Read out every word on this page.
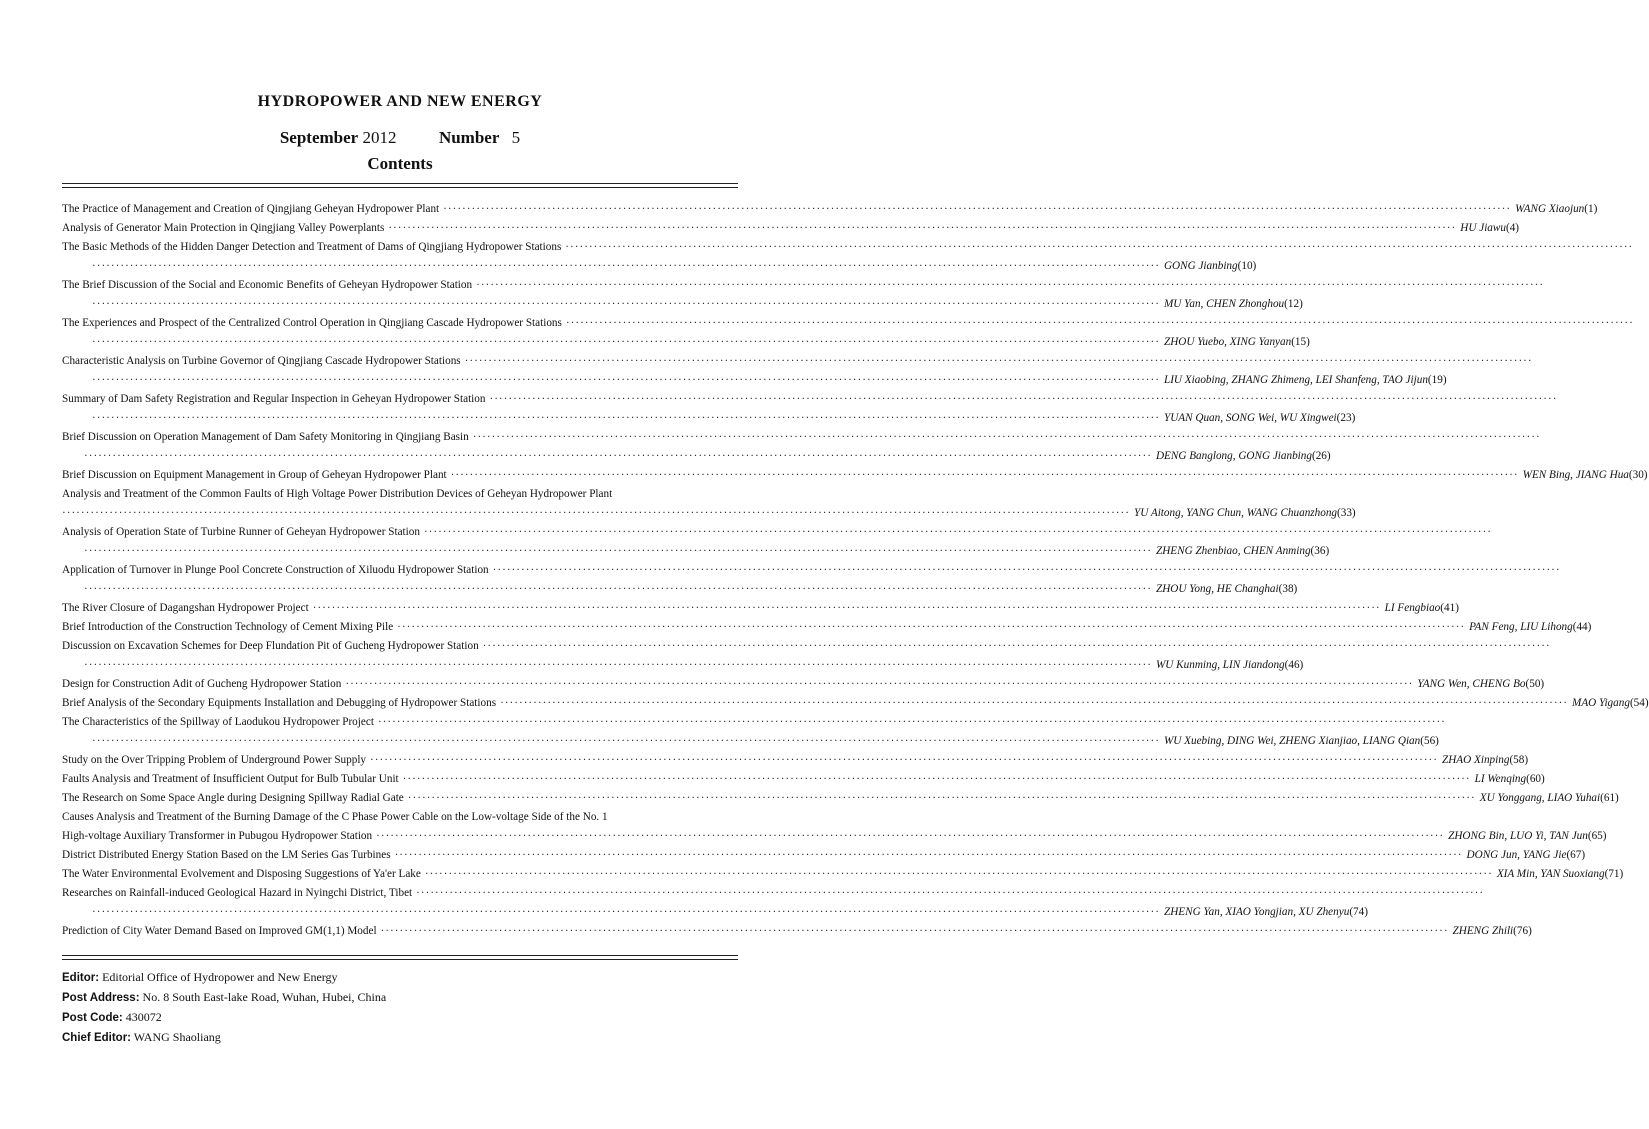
HYDROPOWER AND NEW ENERGY
September 2012	Number 5
Contents
The Practice of Management and Creation of Qingjiang Geheyan Hydropower Plant ·····	WANG Xiaojun(1)
Analysis of Generator Main Protection in Qingjiang Valley Powerplants ·····	HU Jiawu(4)
The Basic Methods of the Hidden Danger Detection and Treatment of Dams of Qingjiang Hydropower Stations
·····
·····
GONG Jianbing(10)
The Brief Discussion of the Social and Economic Benefits of Geheyan Hydropower Station
·····
·····
MU Yan, CHEN Zhonghou(12)
The Experiences and Prospect of the Centralized Control Operation in Qingjiang Cascade Hydropower Stations
·····
·····
ZHOU Yuebo, XING Yanyan(15)
Characteristic Analysis on Turbine Governor of Qingjiang Cascade Hydropower Stations
·····
·····
LIU Xiaobing, ZHANG Zhimeng, LEI Shanfeng, TAO Jijun(19)
Summary of Dam Safety Registration and Regular Inspection in Geheyan Hydropower Station
·····
·····
YUAN Quan, SONG Wei, WU Xingwei(23)
Brief Discussion on Operation Management of Dam Safety Monitoring in Qingjiang Basin
·····
·····
DENG Banglong, GONG Jianbing(26)
Brief Discussion on Equipment Management in Group of Geheyan Hydropower Plant ·····	WEN Bing, JIANG Hua(30)
Analysis and Treatment of the Common Faults of High Voltage Power Distribution Devices of Geheyan Hydropower Plant
·····
YU Aitong, YANG Chun, WANG Chuanzhong(33)
Analysis of Operation State of Turbine Runner of Geheyan Hydropower Station
·····
·····
ZHENG Zhenbiao, CHEN Anming(36)
Application of Turnover in Plunge Pool Concrete Construction of Xiluodu Hydropower Station
·····
·····
ZHOU Yong, HE Changhai(38)
The River Closure of Dagangshan Hydropower Project ·····	LI Fengbiao(41)
Brief Introduction of the Construction Technology of Cement Mixing Pile ·····	PAN Feng, LIU Lihong(44)
Discussion on Excavation Schemes for Deep Flundation Pit of Gucheng Hydropower Station
·····
·····
WU Kunming, LIN Jiandong(46)
Design for Construction Adit of Gucheng Hydropower Station ·····	YANG Wen, CHENG Bo(50)
Brief Analysis of the Secondary Equipments Installation and Debugging of Hydropower Stations ·····	MAO Yigang(54)
The Characteristics of the Spillway of Laodukou Hydropower Project
·····
·····
WU Xuebing, DING Wei, ZHENG Xianjiao, LIANG Qian(56)
Study on the Over Tripping Problem of Underground Power Supply ·····	ZHAO Xinping(58)
Faults Analysis and Treatment of Insufficient Output for Bulb Tubular Unit ·····	LI Wenqing(60)
The Research on Some Space Angle during Designing Spillway Radial Gate ·····	XU Yonggang, LIAO Yuhai(61)
Causes Analysis and Treatment of the Burning Damage of the C Phase Power Cable on the Low-voltage Side of the No. 1
High-voltage Auxiliary Transformer in Pubugou Hydropower Station ·····	ZHONG Bin, LUO Yi, TAN Jun(65)
District Distributed Energy Station Based on the LM Series Gas Turbines ·····	DONG Jun, YANG Jie(67)
The Water Environmental Evolvement and Disposing Suggestions of Ya'er Lake ·····	XIA Min, YAN Suoxiang(71)
Researches on Rainfall-induced Geological Hazard in Nyingchi District, Tibet
·····
·····
ZHENG Yan, XIAO Yongjian, XU Zhenyu(74)
Prediction of City Water Demand Based on Improved GM(1,1) Model ·····	ZHENG Zhili(76)
Editor: Editorial Office of Hydropower and New Energy
Post Address: No. 8 South East-lake Road, Wuhan, Hubei, China
Post Code: 430072
Chief Editor: WANG Shaoliang
